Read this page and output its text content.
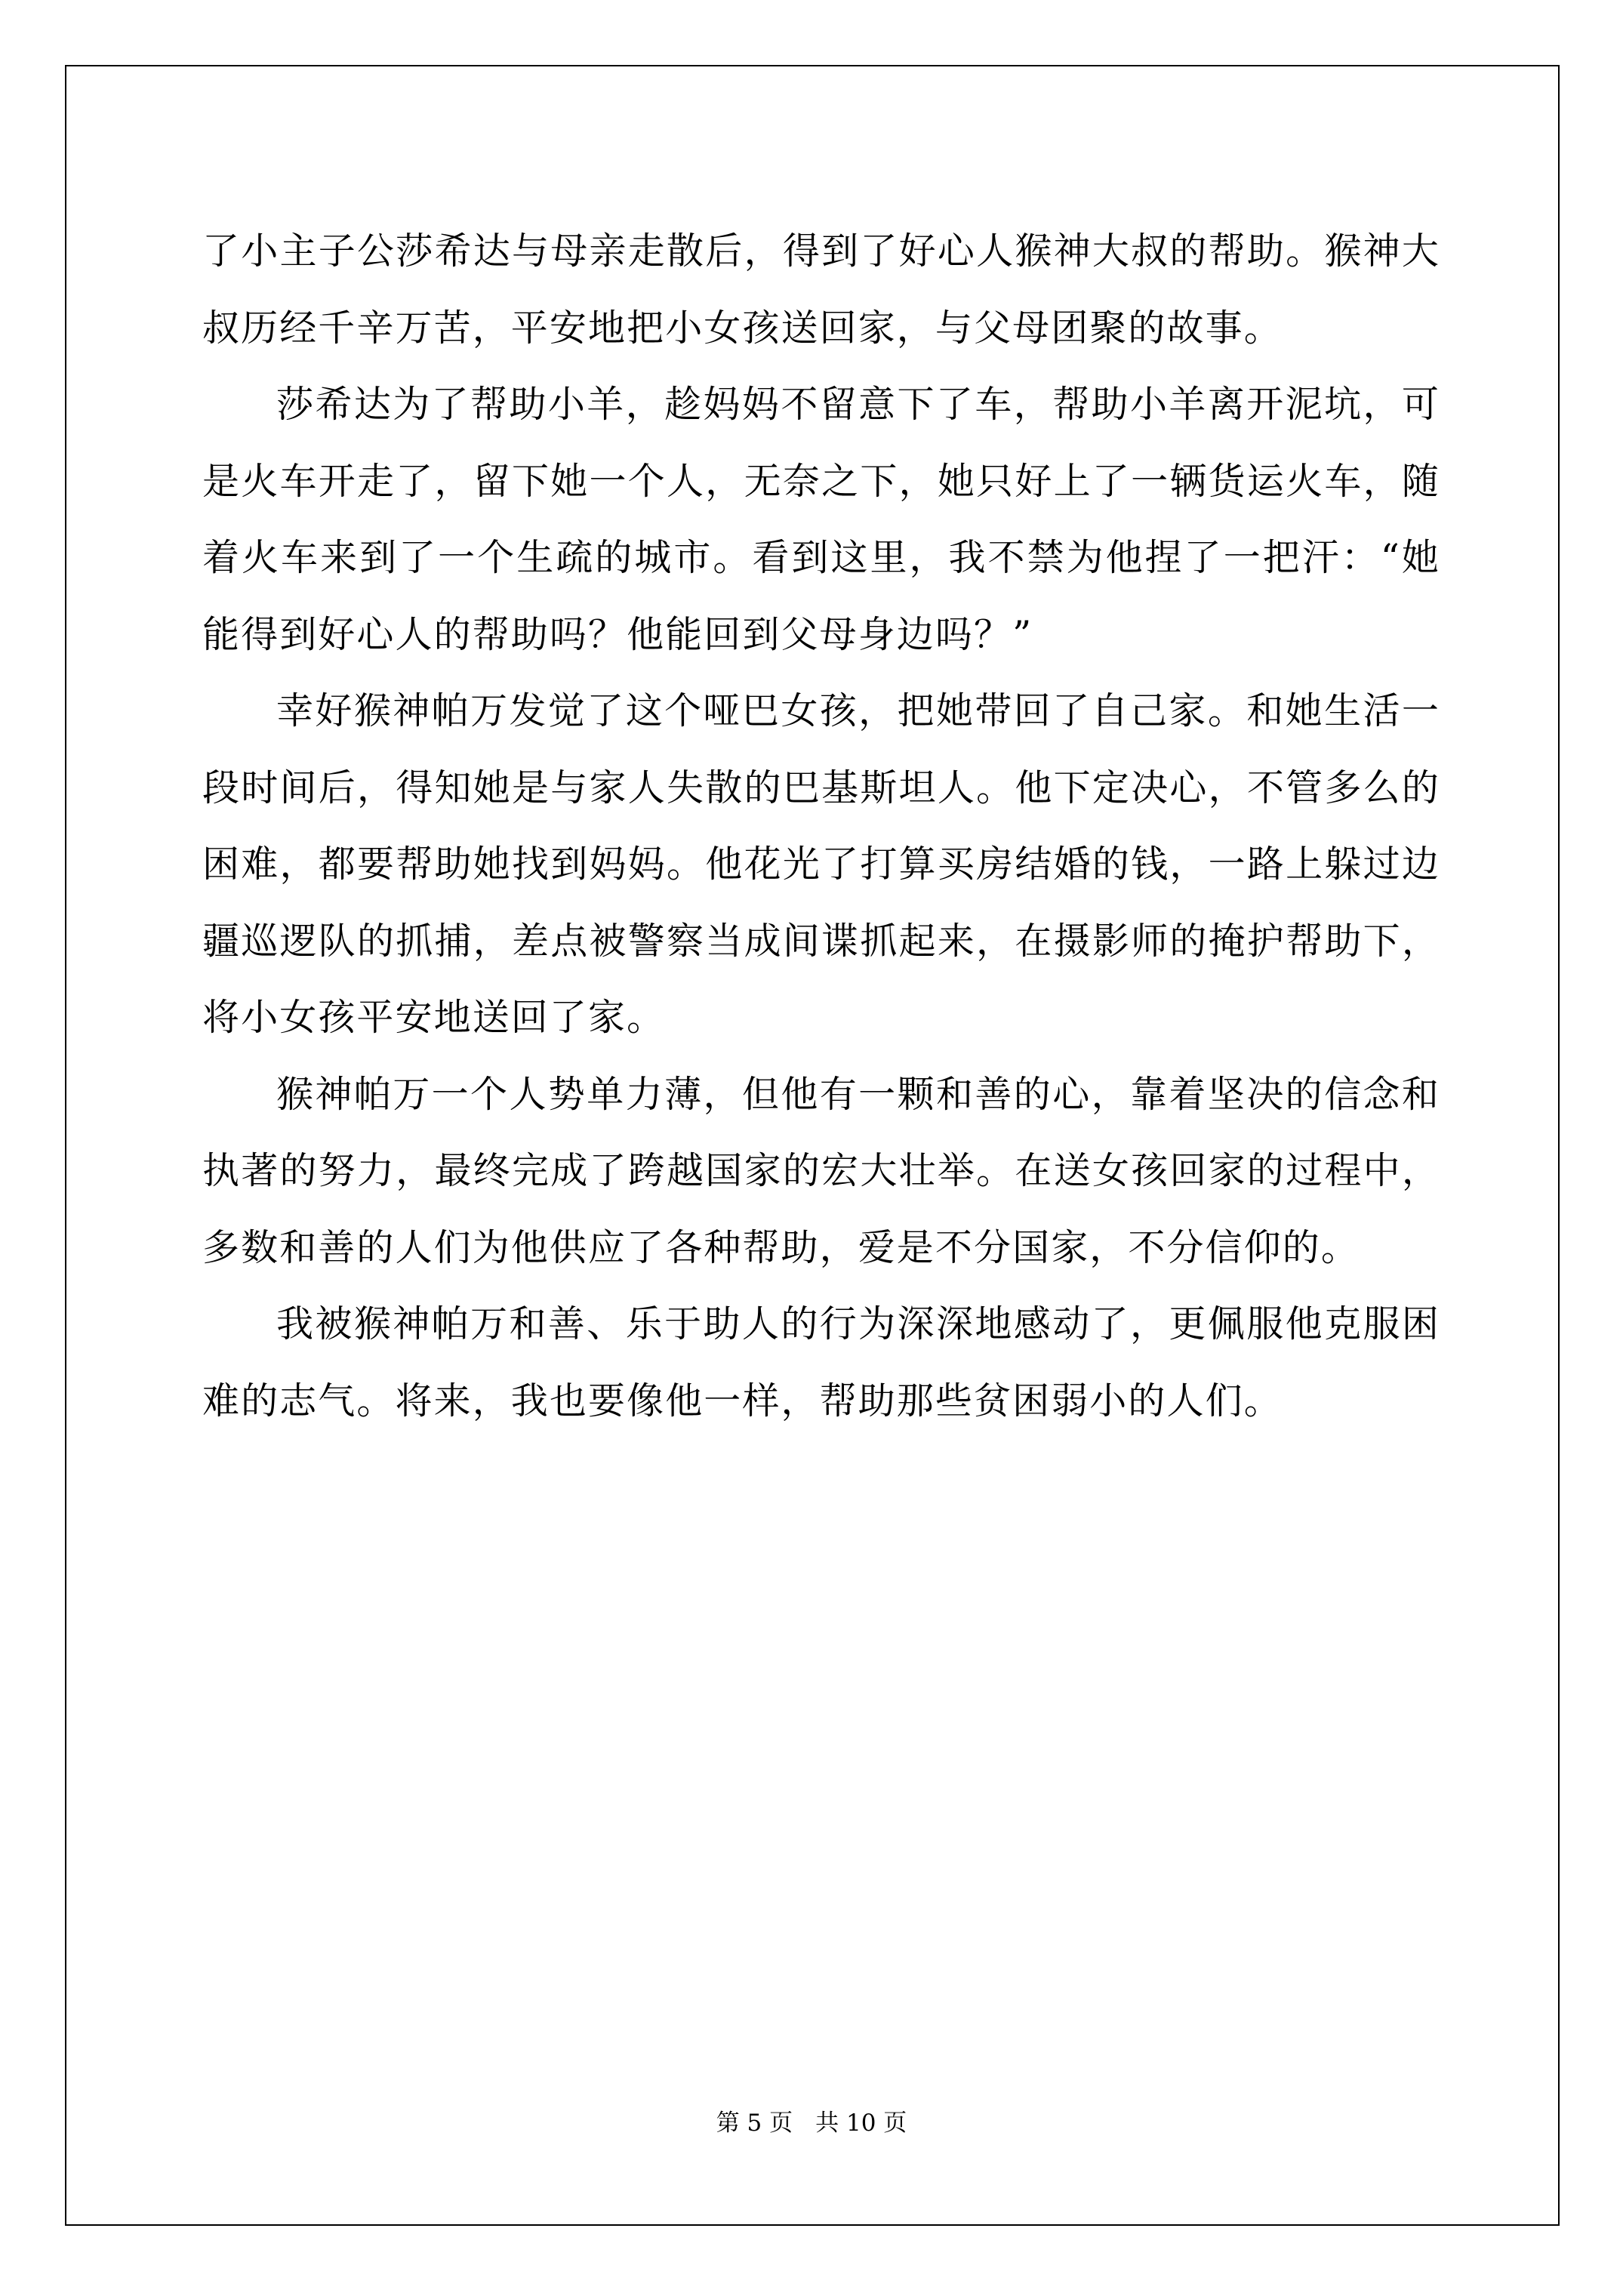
了小主子公莎希达与母亲走散后，得到了好心人猴神大叔的帮助。猴神大叔历经千辛万苦，平安地把小女孩送回家，与父母团聚的故事。

莎希达为了帮助小羊，趁妈妈不留意下了车，帮助小羊离开泥坑，可是火车开走了，留下她一个人，无奈之下，她只好上了一辆货运火车，随着火车来到了一个生疏的城市。看到这里，我不禁为他捏了一把汗：“她能得到好心人的帮助吗？他能回到父母身边吗？”

幸好猴神帕万发觉了这个哑巴女孩，把她带回了自己家。和她生活一段时间后，得知她是与家人失散的巴基斯坦人。他下定决心，不管多么的困难，都要帮助她找到妈妈。他花光了打算买房结婚的钱，一路上躲过边疆巡逻队的抓捕，差点被警察当成间谍抓起来，在摄影师的掩护帮助下，将小女孩平安地送回了家。

猴神帕万一个人势单力薄，但他有一颗和善的心，靠着坚决的信念和执著的努力，最终完成了跨越国家的宏大壮举。在送女孩回家的过程中，多数和善的人们为他供应了各种帮助，爱是不分国家，不分信仰的。

我被猴神帕万和善、乐于助人的行为深深地感动了，更佩服他克服困难的志气。将来，我也要像他一样，帮助那些贫困弱小的人们。

第 5 页 共 10 页
